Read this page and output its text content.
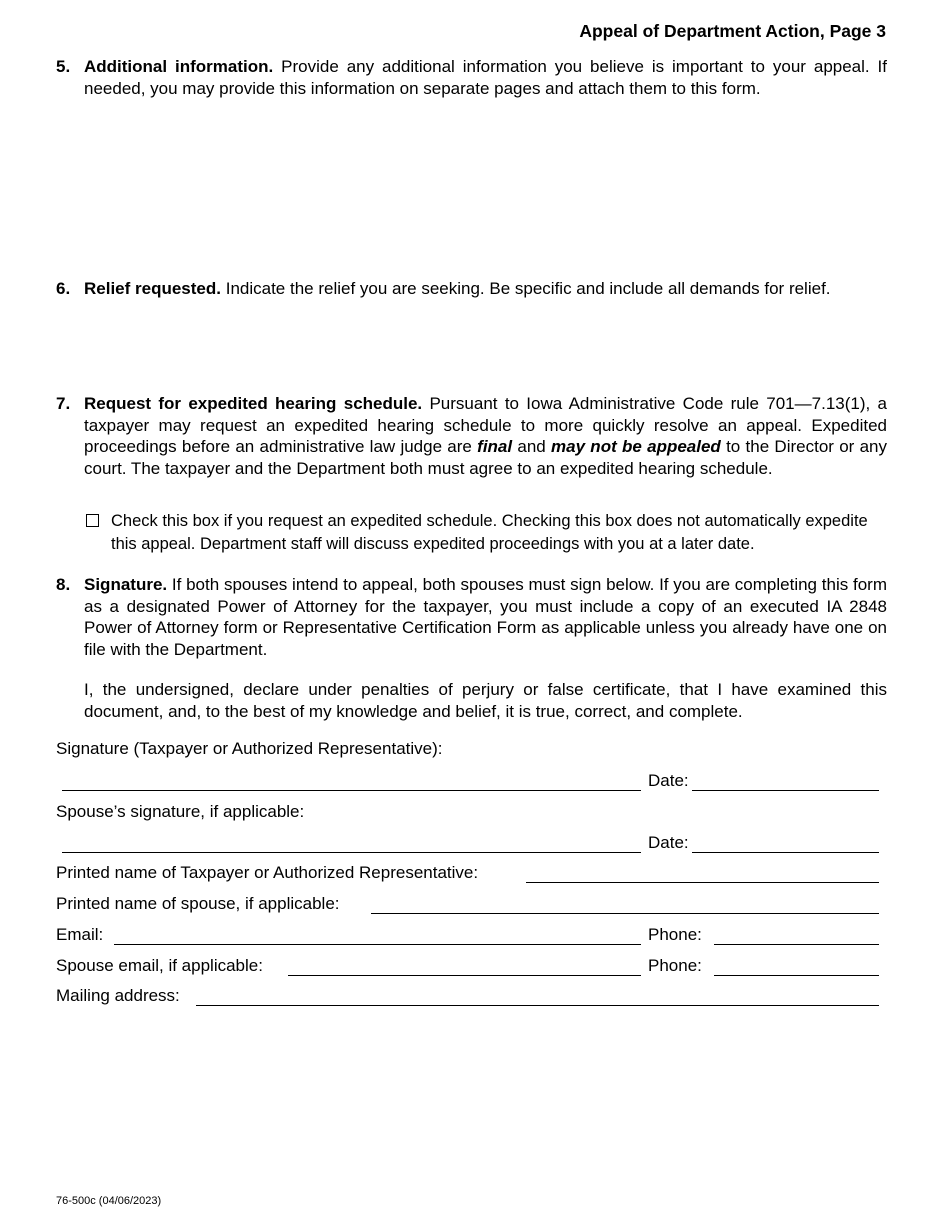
Appeal of Department Action, Page 3
5. Additional information. Provide any additional information you believe is important to your appeal. If needed, you may provide this information on separate pages and attach them to this form.
6. Relief requested. Indicate the relief you are seeking. Be specific and include all demands for relief.
7. Request for expedited hearing schedule. Pursuant to Iowa Administrative Code rule 701—7.13(1), a taxpayer may request an expedited hearing schedule to more quickly resolve an appeal. Expedited proceedings before an administrative law judge are final and may not be appealed to the Director or any court. The taxpayer and the Department both must agree to an expedited hearing schedule.
Check this box if you request an expedited schedule. Checking this box does not automatically expedite this appeal. Department staff will discuss expedited proceedings with you at a later date.
8. Signature. If both spouses intend to appeal, both spouses must sign below. If you are completing this form as a designated Power of Attorney for the taxpayer, you must include a copy of an executed IA 2848 Power of Attorney form or Representative Certification Form as applicable unless you already have one on file with the Department.
I, the undersigned, declare under penalties of perjury or false certificate, that I have examined this document, and, to the best of my knowledge and belief, it is true, correct, and complete.
Signature (Taxpayer or Authorized Representative):
Date:
Spouse’s signature, if applicable:
Date:
Printed name of Taxpayer or Authorized Representative:
Printed name of spouse, if applicable:
Email:	Phone:
Spouse email, if applicable:	Phone:
Mailing address:
76-500c (04/06/2023)
